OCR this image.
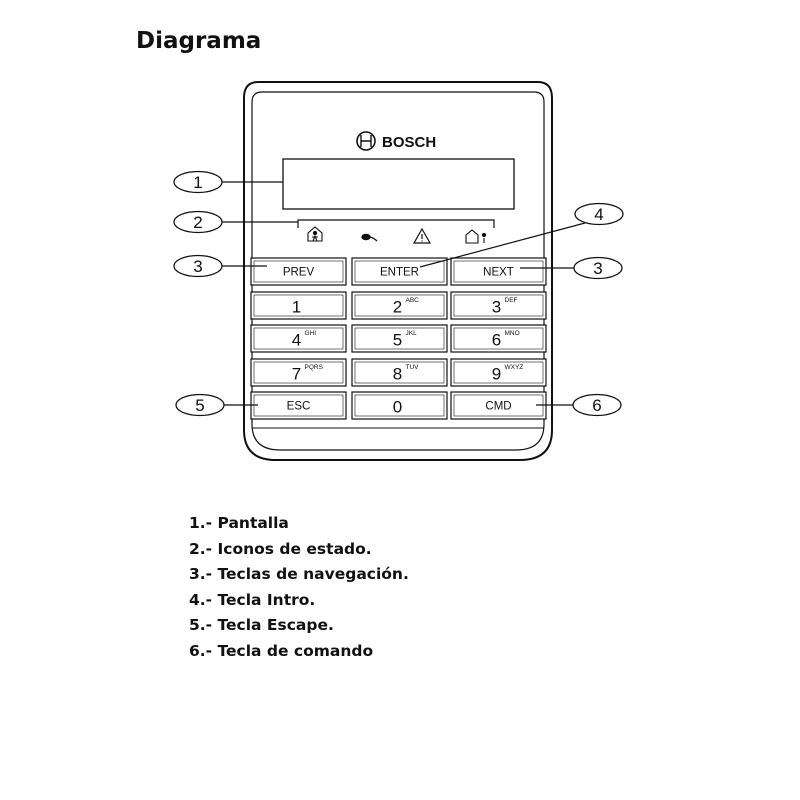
Diagrama
BOSCH
PREV	ENTER	NEXT
1	2 ABC	3 DEF
4 GHI	5 JKL	6 MNO
7 PQRS	8 TUV	9 WXYZ
ESC	0	CMD
1
2
3	3
4
5	6
1.- Pantalla
2.- Iconos de estado.
3.- Teclas de navegación.
4.- Tecla Intro.
5.- Tecla Escape.
6.- Tecla de comando
